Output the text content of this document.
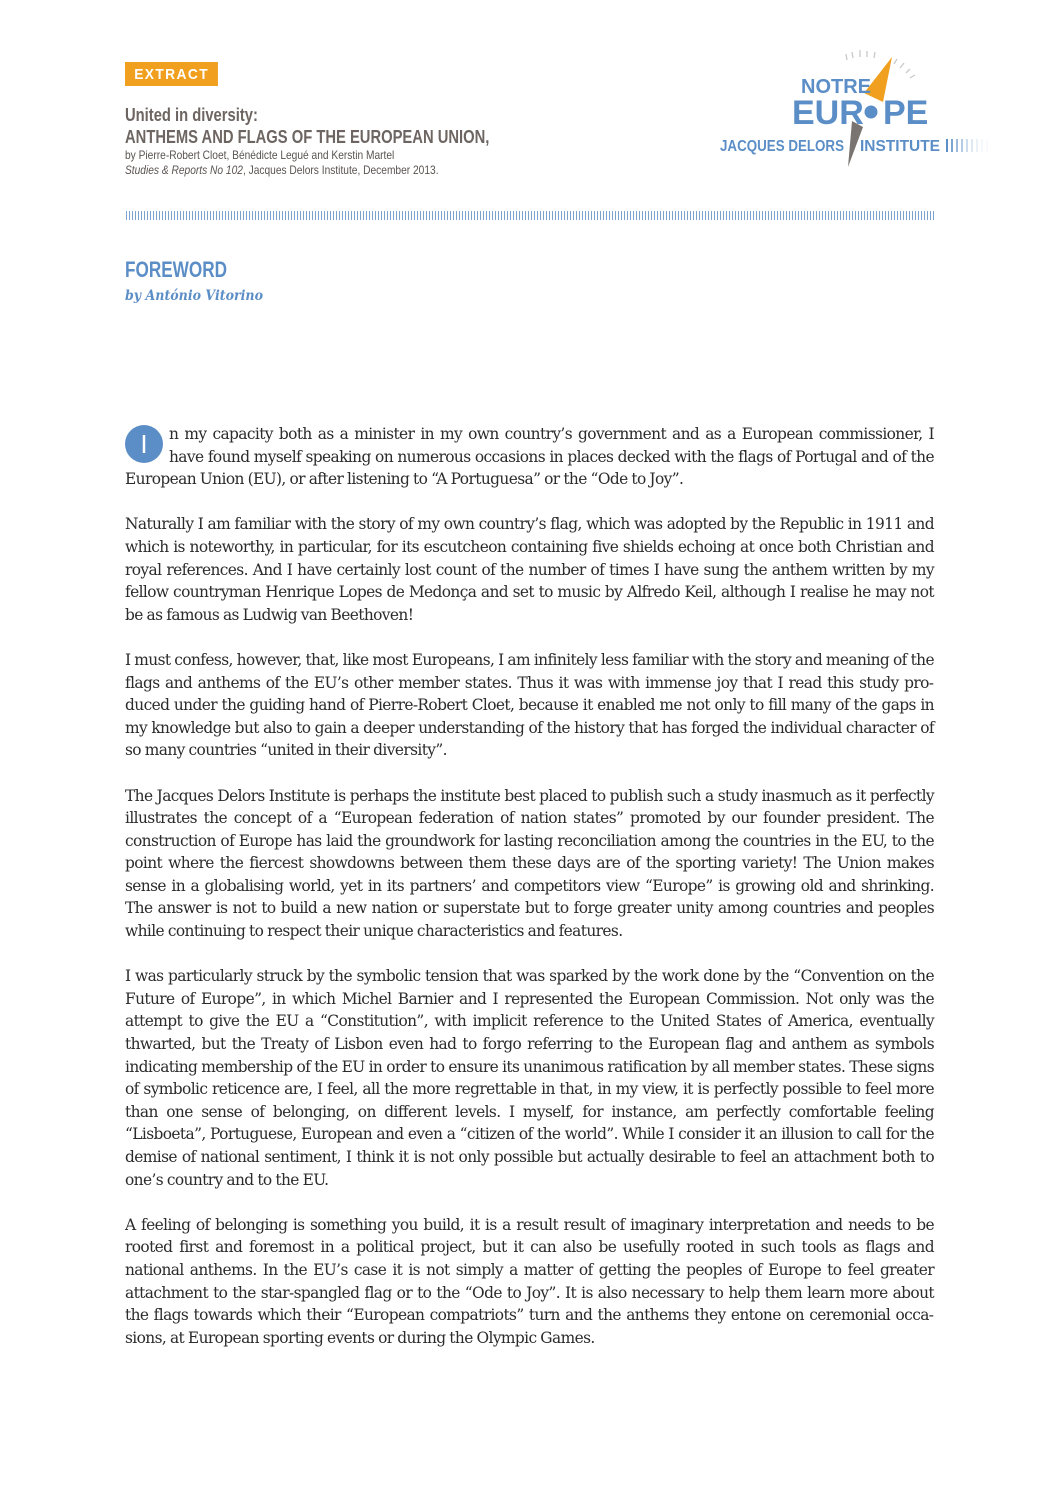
EXTRACT
United in diversity:
ANTHEMS AND FLAGS OF THE EUROPEAN UNION,
by Pierre-Robert Cloet, Bénédicte Legué and Kerstin Martel
Studies & Reports No 102, Jacques Delors Institute, December 2013.
NOTRE
EUR PE
JACQUES DELORS INSTITUTE
FOREWORD
by António Vitorino

I	n my capacity both as a minister in my own country’s government and as a European commissioner, I have found myself speaking on numerous occasions in places decked with the flags of Portugal and of the European Union (EU), or after listening to “A Portuguesa” or the “Ode to Joy”.

Naturally I am familiar with the story of my own country’s flag, which was adopted by the Republic in 1911 and which is noteworthy, in particular, for its escutcheon containing five shields echoing at once both Christian and royal references. And I have certainly lost count of the number of times I have sung the anthem written by my fellow countryman Henrique Lopes de Medonça and set to music by Alfredo Keil, although I realise he may not be as famous as Ludwig van Beethoven!

I must confess, however, that, like most Europeans, I am infinitely less familiar with the story and meaning of the flags and anthems of the EU’s other member states. Thus it was with immense joy that I read this study produced under the guiding hand of Pierre-Robert Cloet, because it enabled me not only to fill many of the gaps in my knowledge but also to gain a deeper understanding of the history that has forged the individual character of so many countries “united in their diversity”.

The Jacques Delors Institute is perhaps the institute best placed to publish such a study inasmuch as it perfectly illustrates the concept of a “European federation of nation states” promoted by our founder president. The construction of Europe has laid the groundwork for lasting reconciliation among the countries in the EU, to the point where the fiercest showdowns between them these days are of the sporting variety! The Union makes sense in a globalising world, yet in its partners’ and competitors view “Europe” is growing old and shrinking. The answer is not to build a new nation or superstate but to forge greater unity among countries and peoples while continuing to respect their unique characteristics and features.

I was particularly struck by the symbolic tension that was sparked by the work done by the “Convention on the Future of Europe”, in which Michel Barnier and I represented the European Commission. Not only was the attempt to give the EU a “Constitution”, with implicit reference to the United States of America, eventually thwarted, but the Treaty of Lisbon even had to forgo referring to the European flag and anthem as symbols indicating membership of the EU in order to ensure its unanimous ratification by all member states. These signs of symbolic reticence are, I feel, all the more regrettable in that, in my view, it is perfectly possible to feel more than one sense of belonging, on different levels. I myself, for instance, am perfectly comfortable feeling “Lisboeta”, Portuguese, European and even a “citizen of the world”. While I consider it an illusion to call for the demise of national sentiment, I think it is not only possible but actually desirable to feel an attachment both to one’s country and to the EU.

A feeling of belonging is something you build, it is a result result of imaginary interpretation and needs to be rooted first and foremost in a political project, but it can also be usefully rooted in such tools as flags and national anthems. In the EU’s case it is not simply a matter of getting the peoples of Europe to feel greater attachment to the star-spangled flag or to the “Ode to Joy”. It is also necessary to help them learn more about the flags towards which their “European compatriots” turn and the anthems they entone on ceremonial occasions, at European sporting events or during the Olympic Games.
